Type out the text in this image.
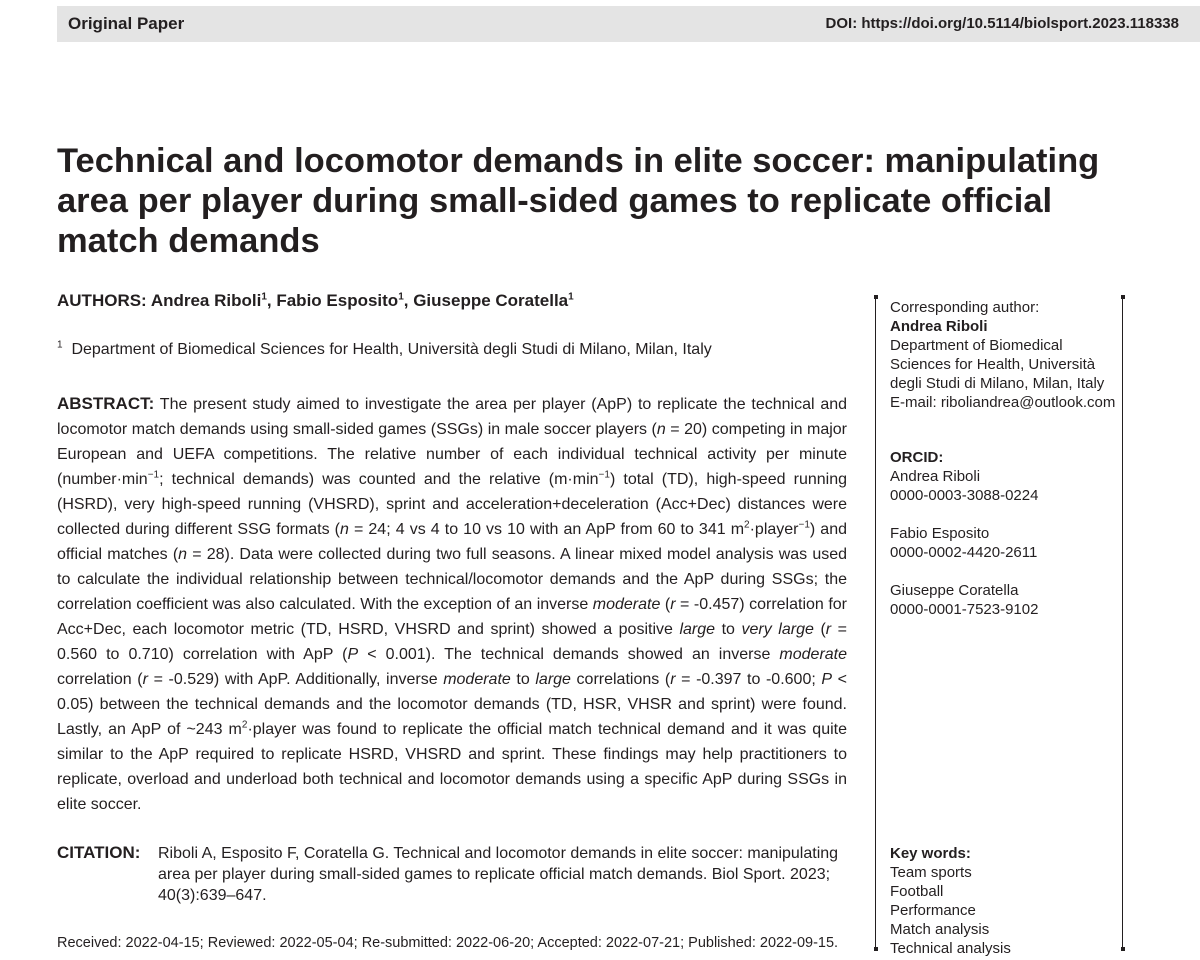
Original Paper	DOI: https://doi.org/10.5114/biolsport.2023.118338
Technical and locomotor demands in elite soccer: manipulating area per player during small-sided games to replicate official match demands
AUTHORS: Andrea Riboli$^1$, Fabio Esposito$^1$, Giuseppe Coratella$^1$
$^1$ Department of Biomedical Sciences for Health, Università degli Studi di Milano, Milan, Italy

ABSTRACT: The present study aimed to investigate the area per player (ApP) to replicate the technical and locomotor match demands using small-sided games (SSGs) in male soccer players (n = 20) competing in major European and UEFA competitions. The relative number of each individual technical activity per minute ($number\cdot\min^{-1}$; technical demands) was counted and the relative $(m\cdot\min^{-1})$ total (TD), high-speed running (HSRD), very high-speed running (VHSRD), sprint and acceleration+deceleration (Acc+Dec) distances were collected during different SSG formats (n = 24; 4 vs 4 to 10 vs 10 with an ApP from 60 to 341 $m^2\cdot player^{-1}$) and official matches (n = 28). Data were collected during two full seasons. A linear mixed model analysis was used to calculate the individual relationship between technical/locomotor demands and the ApP during SSGs; the correlation coefficient was also calculated. With the exception of an inverse moderate (r = -0.457) correlation for Acc+Dec, each locomotor metric (TD, HSRD, VHSRD and sprint) showed a positive large to very large (r = 0.560 to 0.710) correlation with ApP (P < 0.001). The technical demands showed an inverse moderate correlation (r = -0.529) with ApP. Additionally, inverse moderate to large correlations (r = -0.397 to -0.600; P < 0.05) between the technical demands and the locomotor demands (TD, HSR, VHSR and sprint) were found. Lastly, an ApP of ~243 $m^2\cdot player$ was found to replicate the official match technical demand and it was quite similar to the ApP required to replicate HSRD, VHSRD and sprint. These findings may help practitioners to replicate, overload and underload both technical and locomotor demands using a specific ApP during SSGs in elite soccer.

CITATION: Riboli A, Esposito F, Coratella G. Technical and locomotor demands in elite soccer: manipulating area per player during small-sided games to replicate official match demands. Biol Sport. 2023; 40(3):639–647.

Received: 2022-04-15; Reviewed: 2022-05-04; Re-submitted: 2022-06-20; Accepted: 2022-07-21; Published: 2022-09-15.
Corresponding author:
Andrea Riboli
Department of Biomedical
Sciences for Health, Università
degli Studi di Milano, Milan, Italy
E-mail: riboliandrea@outlook.com
ORCID:
Andrea Riboli
0000-0003-3088-0224
Fabio Esposito
0000-0002-4420-2611
Giuseppe Coratella
0000-0001-7523-9102
Key words:
Team sports
Football
Performance
Match analysis
Technical analysis
